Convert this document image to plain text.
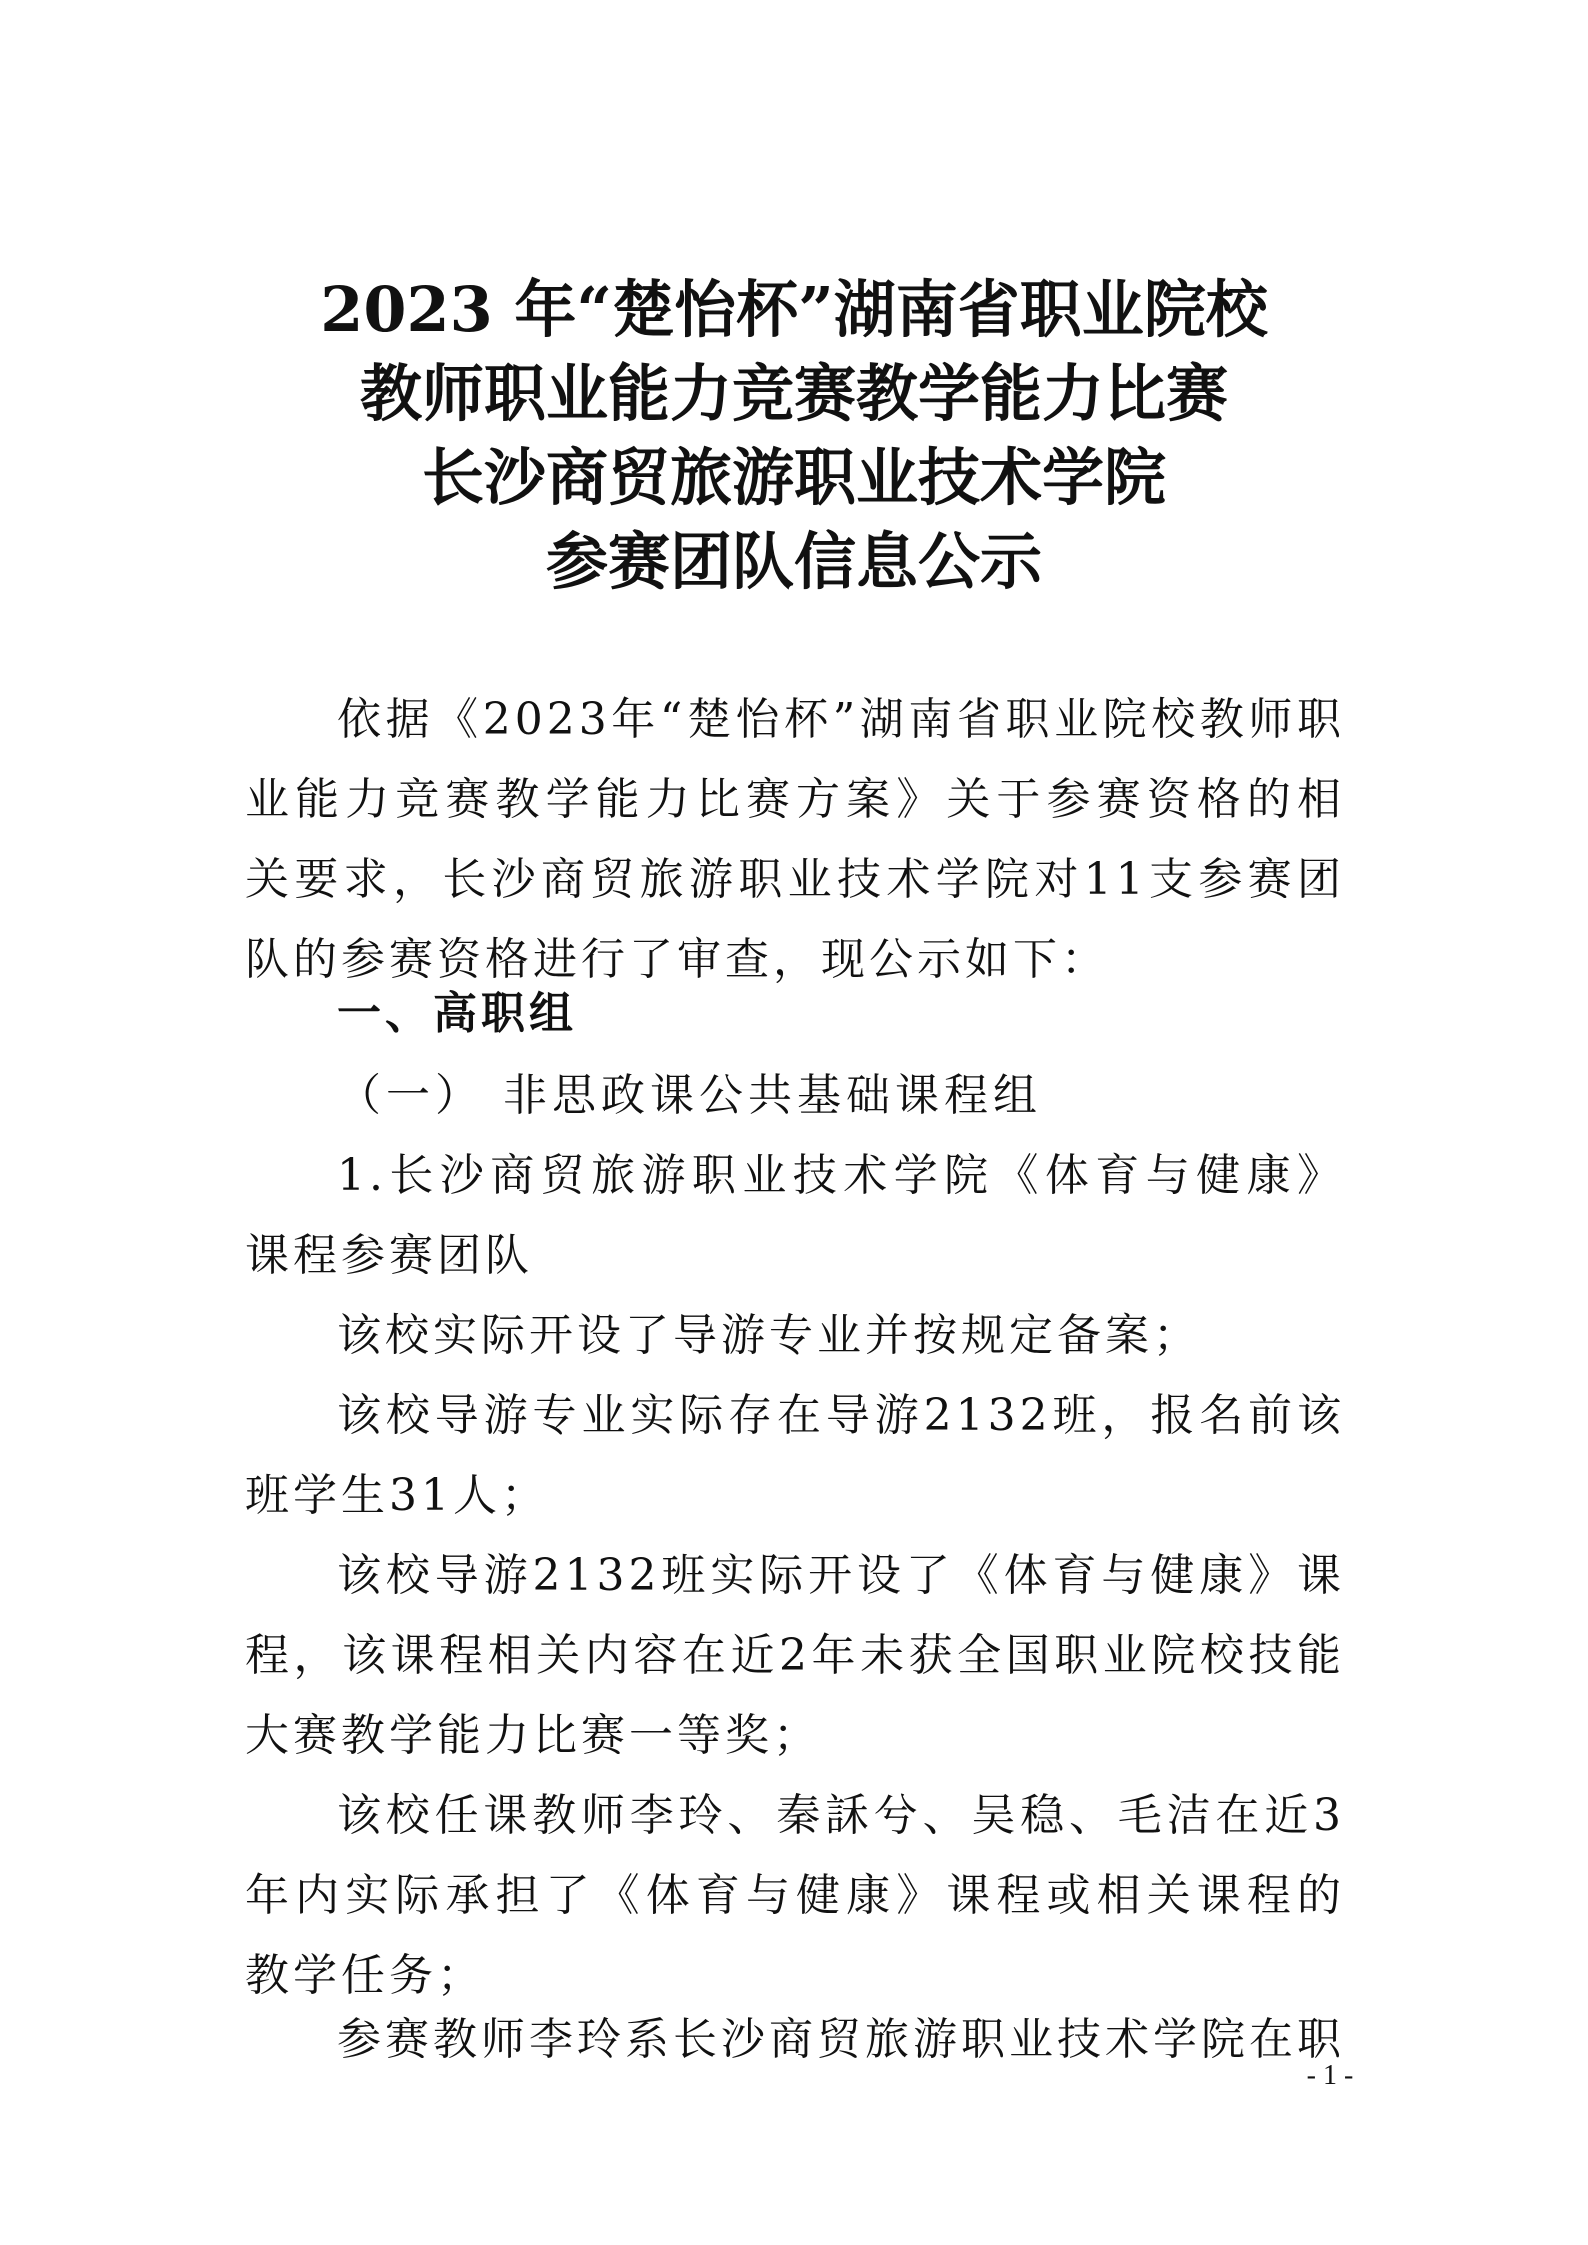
2023 年“楚怡杯”湖南省职业院校
教师职业能力竞赛教学能力比赛
长沙商贸旅游职业技术学院
参赛团队信息公示

依据《2023年“楚怡杯”湖南省职业院校教师职业能力竞赛教学能力比赛方案》关于参赛资格的相关要求，长沙商贸旅游职业技术学院对11支参赛团队的参赛资格进行了审查，现公示如下：

一、高职组

（一） 非思政课公共基础课程组

1.长沙商贸旅游职业技术学院《体育与健康》课程参赛团队

该校实际开设了导游专业并按规定备案；

该校导游专业实际存在导游2132班，报名前该班学生31人；

该校导游2132班实际开设了《体育与健康》课程，该课程相关内容在近2年未获全国职业院校技能大赛教学能力比赛一等奖；

该校任课教师李玲、秦訸兮、吴稳、毛洁在近3年内实际承担了《体育与健康》课程或相关课程的教学任务；

参赛教师李玲系长沙商贸旅游职业技术学院在职

- 1 -
